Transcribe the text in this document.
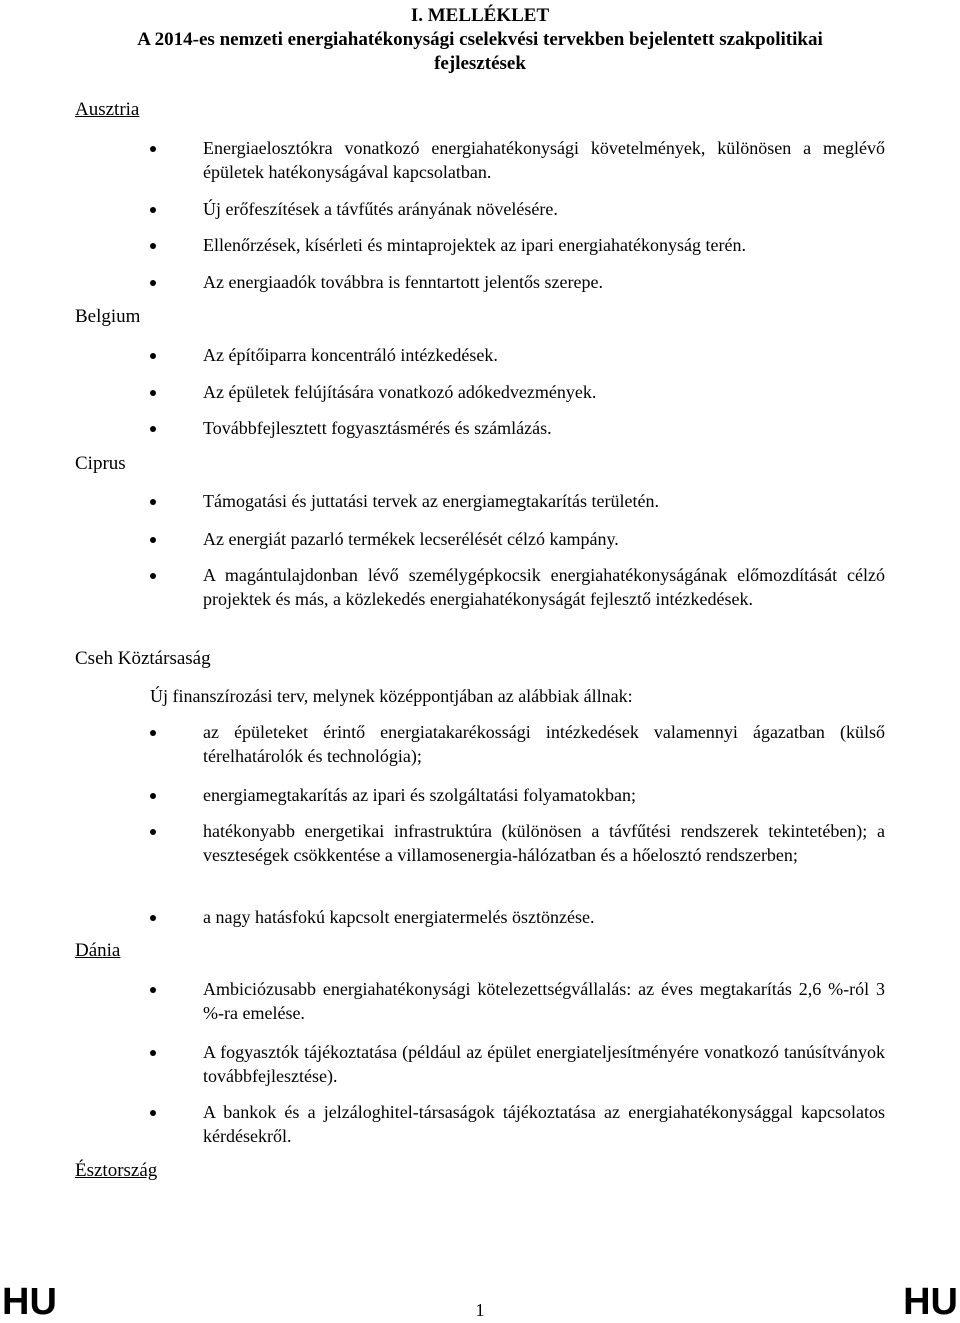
I. MELLÉKLET
A 2014-es nemzeti energiahatékonysági cselekvési tervekben bejelentett szakpolitikai
fejlesztések
Ausztria
Energiaelosztókra vonatkozó energiahatékonysági követelmények, különösen a meglévő épületek hatékonyságával kapcsolatban.
Új erőfeszítések a távfűtés arányának növelésére.
Ellenőrzések, kísérleti és mintaprojektek az ipari energiahatékonyság terén.
Az energiaadók továbbra is fenntartott jelentős szerepe.
Belgium
Az építőiparra koncentráló intézkedések.
Az épületek felújítására vonatkozó adókedvezmények.
Továbbfejlesztett fogyasztásmérés és számlázás.
Ciprus
Támogatási és juttatási tervek az energiamegtakarítás területén.
Az energiát pazarló termékek lecserélését célzó kampány.
A magántulajdonban lévő személygépkocsik energiahatékonyságának előmozdítását célzó projektek és más, a közlekedés energiahatékonyságát fejlesztő intézkedések.
Cseh Köztársaság
Új finanszírozási terv, melynek középpontjában az alábbiak állnak:
az épületeket érintő energiatakarékossági intézkedések valamennyi ágazatban (külső térelhatárolók és technológia);
energiamegtakarítás az ipari és szolgáltatási folyamatokban;
hatékonyabb energetikai infrastruktúra (különösen a távfűtési rendszerek tekintetében); a veszteségek csökkentése a villamosenergia-hálózatban és a hőelosztó rendszerben;
a nagy hatásfokú kapcsolt energiatermelés ösztönzése.
Dánia
Ambiciózusabb energiahatékonysági kötelezettségvállalás: az éves megtakarítás 2,6 %-ról 3 %-ra emelése.
A fogyasztók tájékoztatása (például az épület energiateljesítményére vonatkozó tanúsítványok továbbfejlesztése).
A bankok és a jelzáloghitel-társaságok tájékoztatása az energiahatékonysággal kapcsolatos kérdésekről.
Észtország
HU	1	HU
